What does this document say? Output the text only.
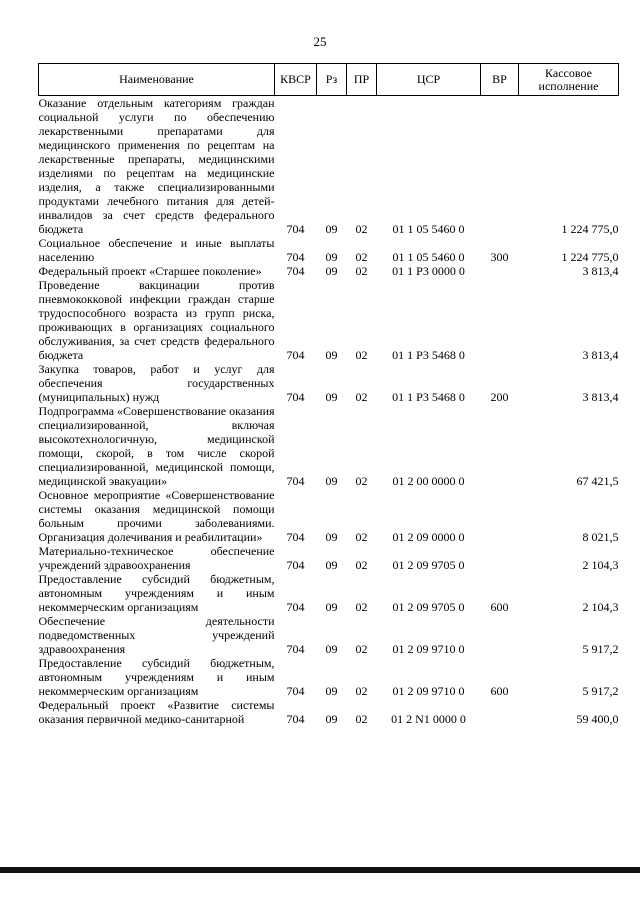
25
Наименование	КВСР	Рз	ПР	ЦСР	ВР	Кассовое исполнение
Оказание отдельным категориям граждан социальной услуги по обеспечению лекарственными препаратами для медицинского применения по рецептам на лекарственные препараты, медицинскими изделиями по рецептам на медицинские изделия, а также специализированными продуктами лечебного питания для детей-инвалидов за счет средств федерального бюджета	704	09	02	01 1 05 5460 0		1 224 775,0
Социальное обеспечение и иные выплаты населению	704	09	02	01 1 05 5460 0	300	1 224 775,0
Федеральный проект «Старшее поколение»	704	09	02	01 1 P3 0000 0		3 813,4
Проведение вакцинации против пневмококковой инфекции граждан старше трудоспособного возраста из групп риска, проживающих в организациях социального обслуживания, за счет средств федерального бюджета	704	09	02	01 1 P3 5468 0		3 813,4
Закупка товаров, работ и услуг для обеспечения государственных (муниципальных) нужд	704	09	02	01 1 P3 5468 0	200	3 813,4
Подпрограмма «Совершенствование оказания специализированной, включая высокотехнологичную, медицинской помощи, скорой, в том числе скорой специализированной, медицинской помощи, медицинской эвакуации»	704	09	02	01 2 00 0000 0		67 421,5
Основное мероприятие «Совершенствование системы оказания медицинской помощи больным прочими заболеваниями. Организация долечивания и реабилитации»	704	09	02	01 2 09 0000 0		8 021,5
Материально-техническое обеспечение учреждений здравоохранения	704	09	02	01 2 09 9705 0		2 104,3
Предоставление субсидий бюджетным, автономным учреждениям и иным некоммерческим организациям	704	09	02	01 2 09 9705 0	600	2 104,3
Обеспечение деятельности подведомственных учреждений здравоохранения	704	09	02	01 2 09 9710 0		5 917,2
Предоставление субсидий бюджетным, автономным учреждениям и иным некоммерческим организациям	704	09	02	01 2 09 9710 0	600	5 917,2
Федеральный проект «Развитие системы оказания первичной медико-санитарной	704	09	02	01 2 N1 0000 0		59 400,0
